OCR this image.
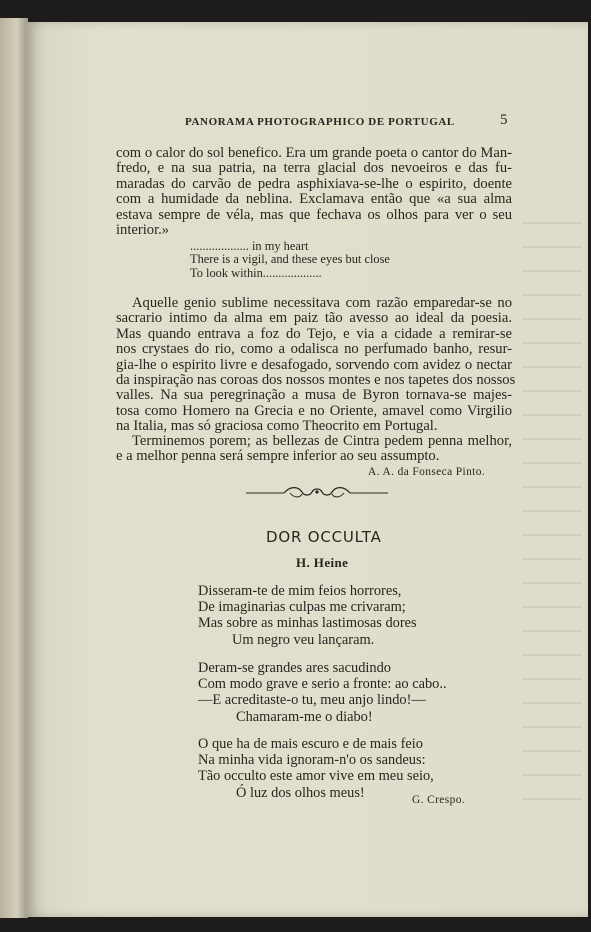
PANORAMA PHOTOGRAPHICO DE PORTUGAL	5
com o calor do sol benefico. Era um grande poeta o cantor do Man-
fredo, e na sua patria, na terra glacial dos nevoeiros e das fu-
maradas do carvão de pedra asphixiava-se-lhe o espirito, doente
com a humidade da neblina. Exclamava então que «a sua alma
estava sempre de véla, mas que fechava os olhos para ver o seu
interior.»
................... in my heart
There is a vigil, and these eyes but close
To look within...................
Aquelle genio sublime necessitava com razão emparedar-se no
sacrario intimo da alma em paiz tão avesso ao ideal da poesia.
Mas quando entrava a foz do Tejo, e via a cidade a remirar-se
nos crystaes do rio, como a odalisca no perfumado banho, resur-
gia-lhe o espirito livre e desafogado, sorvendo com avidez o nectar
da inspiração nas coroas dos nossos montes e nos tapetes dos nossos
valles. Na sua peregrinação a musa de Byron tornava-se majes-
tosa como Homero na Grecia e no Oriente, amavel como Virgilio
na Italia, mas só graciosa como Theocrito em Portugal.
Terminemos porem; as bellezas de Cintra pedem penna melhor,
e a melhor penna será sempre inferior ao seu assumpto.
A. A. da Fonseca Pinto.
DOR OCCULTA
H. Heine
Disseram-te de mim feios horrores,
De imaginarias culpas me crivaram;
Mas sobre as minhas lastimosas dores
Um negro veu lançaram.
Deram-se grandes ares sacudindo
Com modo grave e serio a fronte: ao cabo..
—E acreditaste-o tu, meu anjo lindo!—
Chamaram-me o diabo!
O que ha de mais escuro e de mais feio
Na minha vida ignoram-n'o os sandeus:
Tão occulto este amor vive em meu seio,
Ó luz dos olhos meus!	G. Crespo.
